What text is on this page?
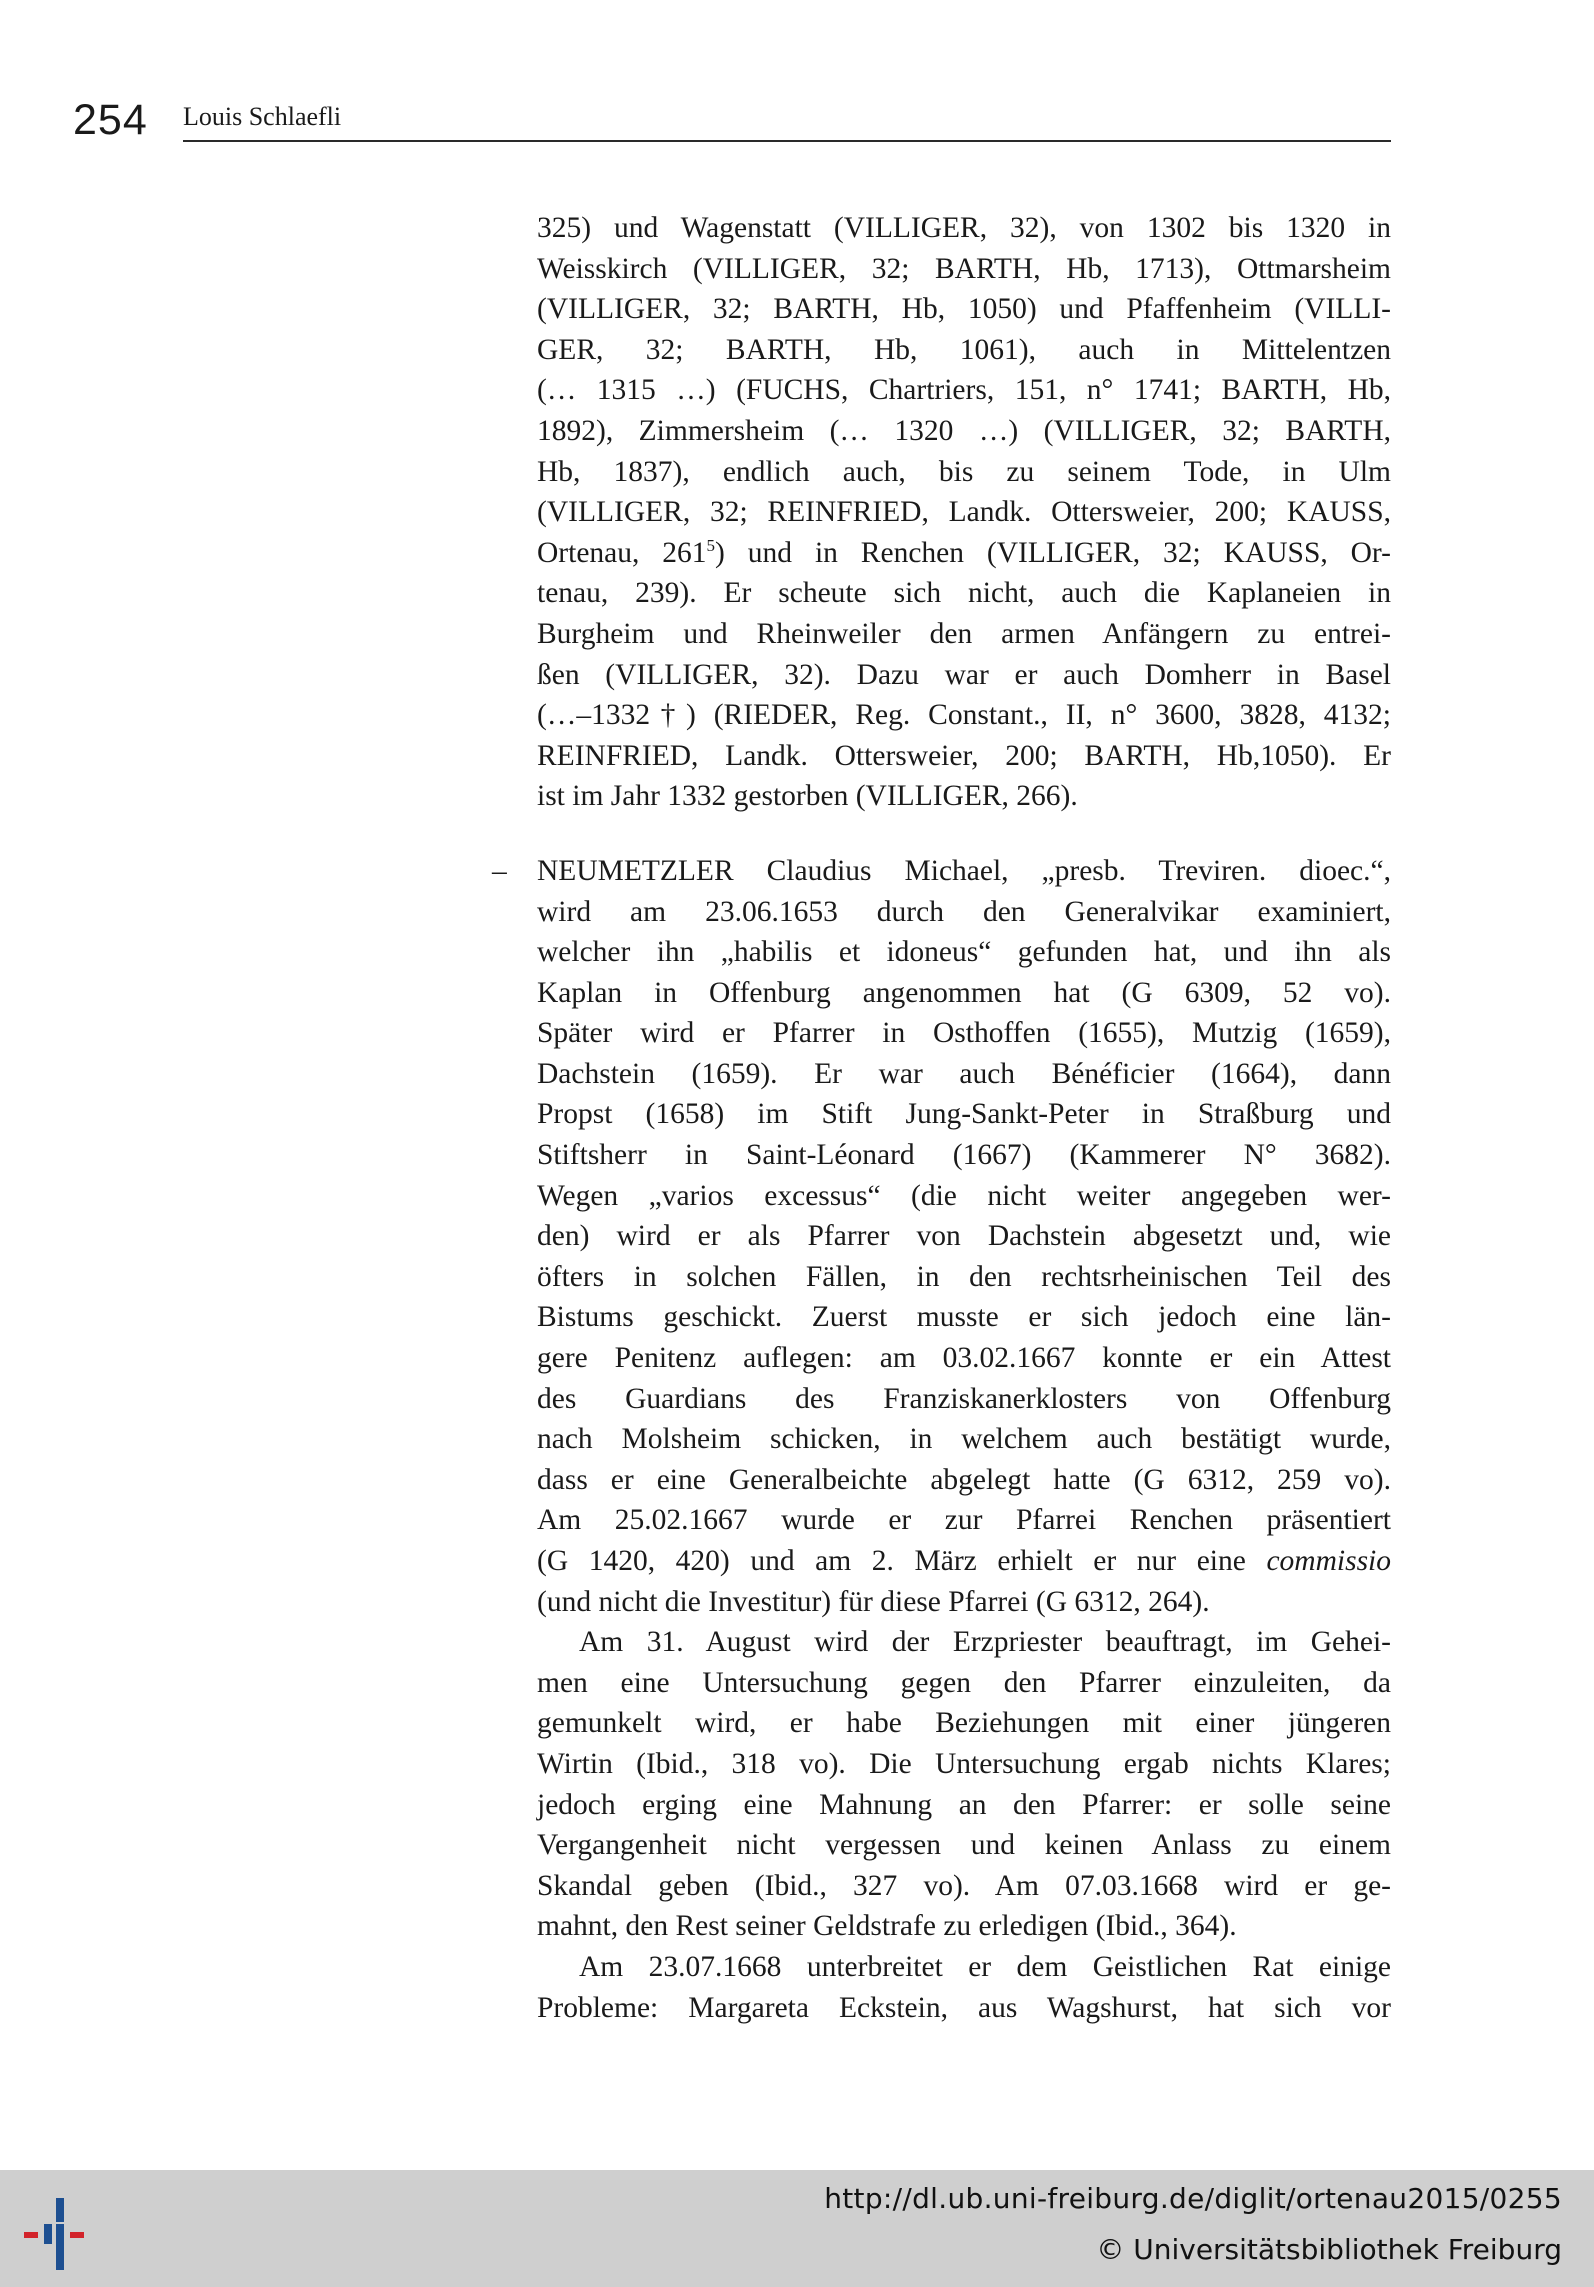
254 Louis Schlaefli
325) und Wagenstatt (VILLIGER, 32), von 1302 bis 1320 in
Weisskirch (VILLIGER, 32; BARTH, Hb, 1713), Ottmarsheim
(VILLIGER, 32; BARTH, Hb, 1050) und Pfaffenheim (VILLI-
GER, 32; BARTH, Hb, 1061), auch in Mittelentzen
(… 1315 …) (FUCHS, Chartriers, 151, n° 1741; BARTH, Hb,
1892), Zimmersheim (… 1320 …) (VILLIGER, 32; BARTH,
Hb, 1837), endlich auch, bis zu seinem Tode, in Ulm
(VILLIGER, 32; REINFRIED, Landk. Ottersweier, 200; KAUSS,
Ortenau, $261^5$) und in Renchen (VILLIGER, 32; KAUSS, Or-
tenau, 239). Er scheute sich nicht, auch die Kaplaneien in
Burgheim und Rheinweiler den armen Anfängern zu entrei-
ßen (VILLIGER, 32). Dazu war er auch Domherr in Basel
(…–1332†) (RIEDER, Reg. Constant., II, n° 3600, 3828, 4132;
REINFRIED, Landk. Ottersweier, 200; BARTH, Hb,1050). Er
ist im Jahr 1332 gestorben (VILLIGER, 266).
– NEUMETZLER Claudius Michael, „presb. Treviren. dioec.“,
wird am 23.06.1653 durch den Generalvikar examiniert,
welcher ihn „habilis et idoneus“ gefunden hat, und ihn als
Kaplan in Offenburg angenommen hat (G 6309, 52 vo).
Später wird er Pfarrer in Osthoffen (1655), Mutzig (1659),
Dachstein (1659). Er war auch Bénéficier (1664), dann
Propst (1658) im Stift Jung-Sankt-Peter in Straßburg und
Stiftsherr in Saint-Léonard (1667) (Kammerer N° 3682).
Wegen „varios excessus“ (die nicht weiter angegeben wer-
den) wird er als Pfarrer von Dachstein abgesetzt und, wie
öfters in solchen Fällen, in den rechtsrheinischen Teil des
Bistums geschickt. Zuerst musste er sich jedoch eine län-
gere Penitenz auflegen: am 03.02.1667 konnte er ein Attest
des Guardians des Franziskanerklosters von Offenburg
nach Molsheim schicken, in welchem auch bestätigt wurde,
dass er eine Generalbeichte abgelegt hatte (G 6312, 259 vo).
Am 25.02.1667 wurde er zur Pfarrei Renchen präsentiert
(G 1420, 420) und am 2. März erhielt er nur eine commissio
(und nicht die Investitur) für diese Pfarrei (G 6312, 264).
Am 31. August wird der Erzpriester beauftragt, im Gehei-
men eine Untersuchung gegen den Pfarrer einzuleiten, da
gemunkelt wird, er habe Beziehungen mit einer jüngeren
Wirtin (Ibid., 318 vo). Die Untersuchung ergab nichts Klares;
jedoch erging eine Mahnung an den Pfarrer: er solle seine
Vergangenheit nicht vergessen und keinen Anlass zu einem
Skandal geben (Ibid., 327 vo). Am 07.03.1668 wird er ge-
mahnt, den Rest seiner Geldstrafe zu erledigen (Ibid., 364).
Am 23.07.1668 unterbreitet er dem Geistlichen Rat einige
Probleme: Margareta Eckstein, aus Wagshurst, hat sich vor
http://dl.ub.uni-freiburg.de/diglit/ortenau2015/0255
© Universitätsbibliothek Freiburg
